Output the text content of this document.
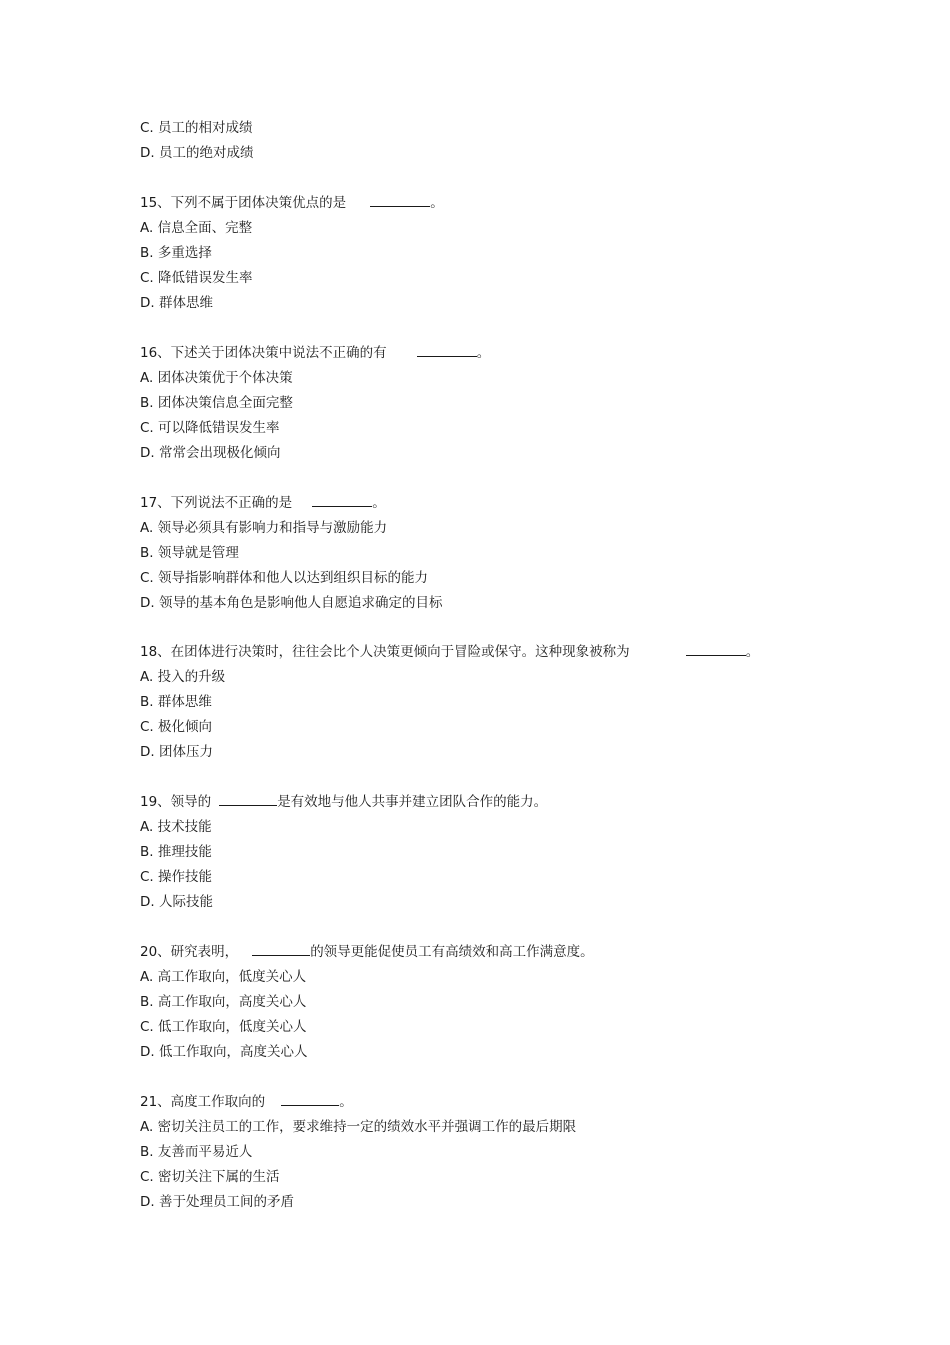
C. 员工的相对成绩
D. 员工的绝对成绩
15、下列不属于团体决策优点的是	。
A. 信息全面、完整
B. 多重选择
C. 降低错误发生率
D. 群体思维
16、下述关于团体决策中说法不正确的有	。
A. 团体决策优于个体决策
B. 团体决策信息全面完整
C. 可以降低错误发生率
D. 常常会出现极化倾向
17、下列说法不正确的是	。
A. 领导必须具有影响力和指导与激励能力
B. 领导就是管理
C. 领导指影响群体和他人以达到组织目标的能力
D. 领导的基本角色是影响他人自愿追求确定的目标
18、在团体进行决策时，往往会比个人决策更倾向于冒险或保守。这种现象被称为	。
A. 投入的升级
B. 群体思维
C. 极化倾向
D. 团体压力
19、领导的	是有效地与他人共事并建立团队合作的能力。
A. 技术技能
B. 推理技能
C. 操作技能
D. 人际技能
20、研究表明，	的领导更能促使员工有高绩效和高工作满意度。
A. 高工作取向，低度关心人
B. 高工作取向，高度关心人
C. 低工作取向，低度关心人
D. 低工作取向，高度关心人
21、高度工作取向的	。
A. 密切关注员工的工作，要求维持一定的绩效水平并强调工作的最后期限
B. 友善而平易近人
C. 密切关注下属的生活
D. 善于处理员工间的矛盾
